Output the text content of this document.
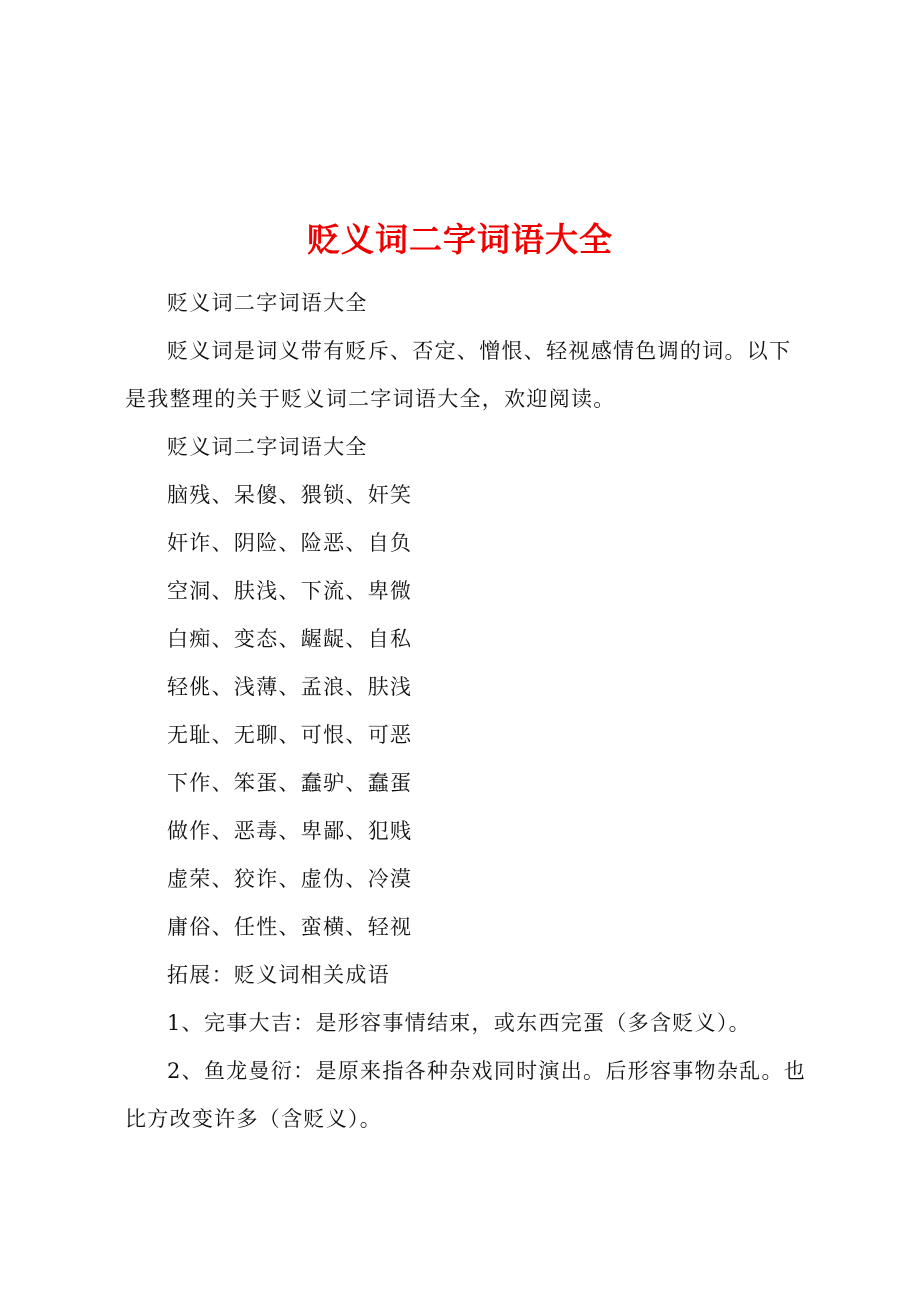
贬义词二字词语大全

贬义词二字词语大全

贬义词是词义带有贬斥、否定、憎恨、轻视感情色调的词。以下是我整理的关于贬义词二字词语大全，欢迎阅读。

贬义词二字词语大全

脑残、呆傻、猥锁、奸笑

奸诈、阴险、险恶、自负

空洞、肤浅、下流、卑微

白痴、变态、龌龊、自私

轻佻、浅薄、孟浪、肤浅

无耻、无聊、可恨、可恶

下作、笨蛋、蠢驴、蠢蛋

做作、恶毒、卑鄙、犯贱

虚荣、狡诈、虚伪、冷漠

庸俗、任性、蛮横、轻视

拓展：贬义词相关成语

1、完事大吉：是形容事情结束，或东西完蛋（多含贬义）。

2、鱼龙曼衍：是原来指各种杂戏同时演出。后形容事物杂乱。也比方改变许多（含贬义）。
